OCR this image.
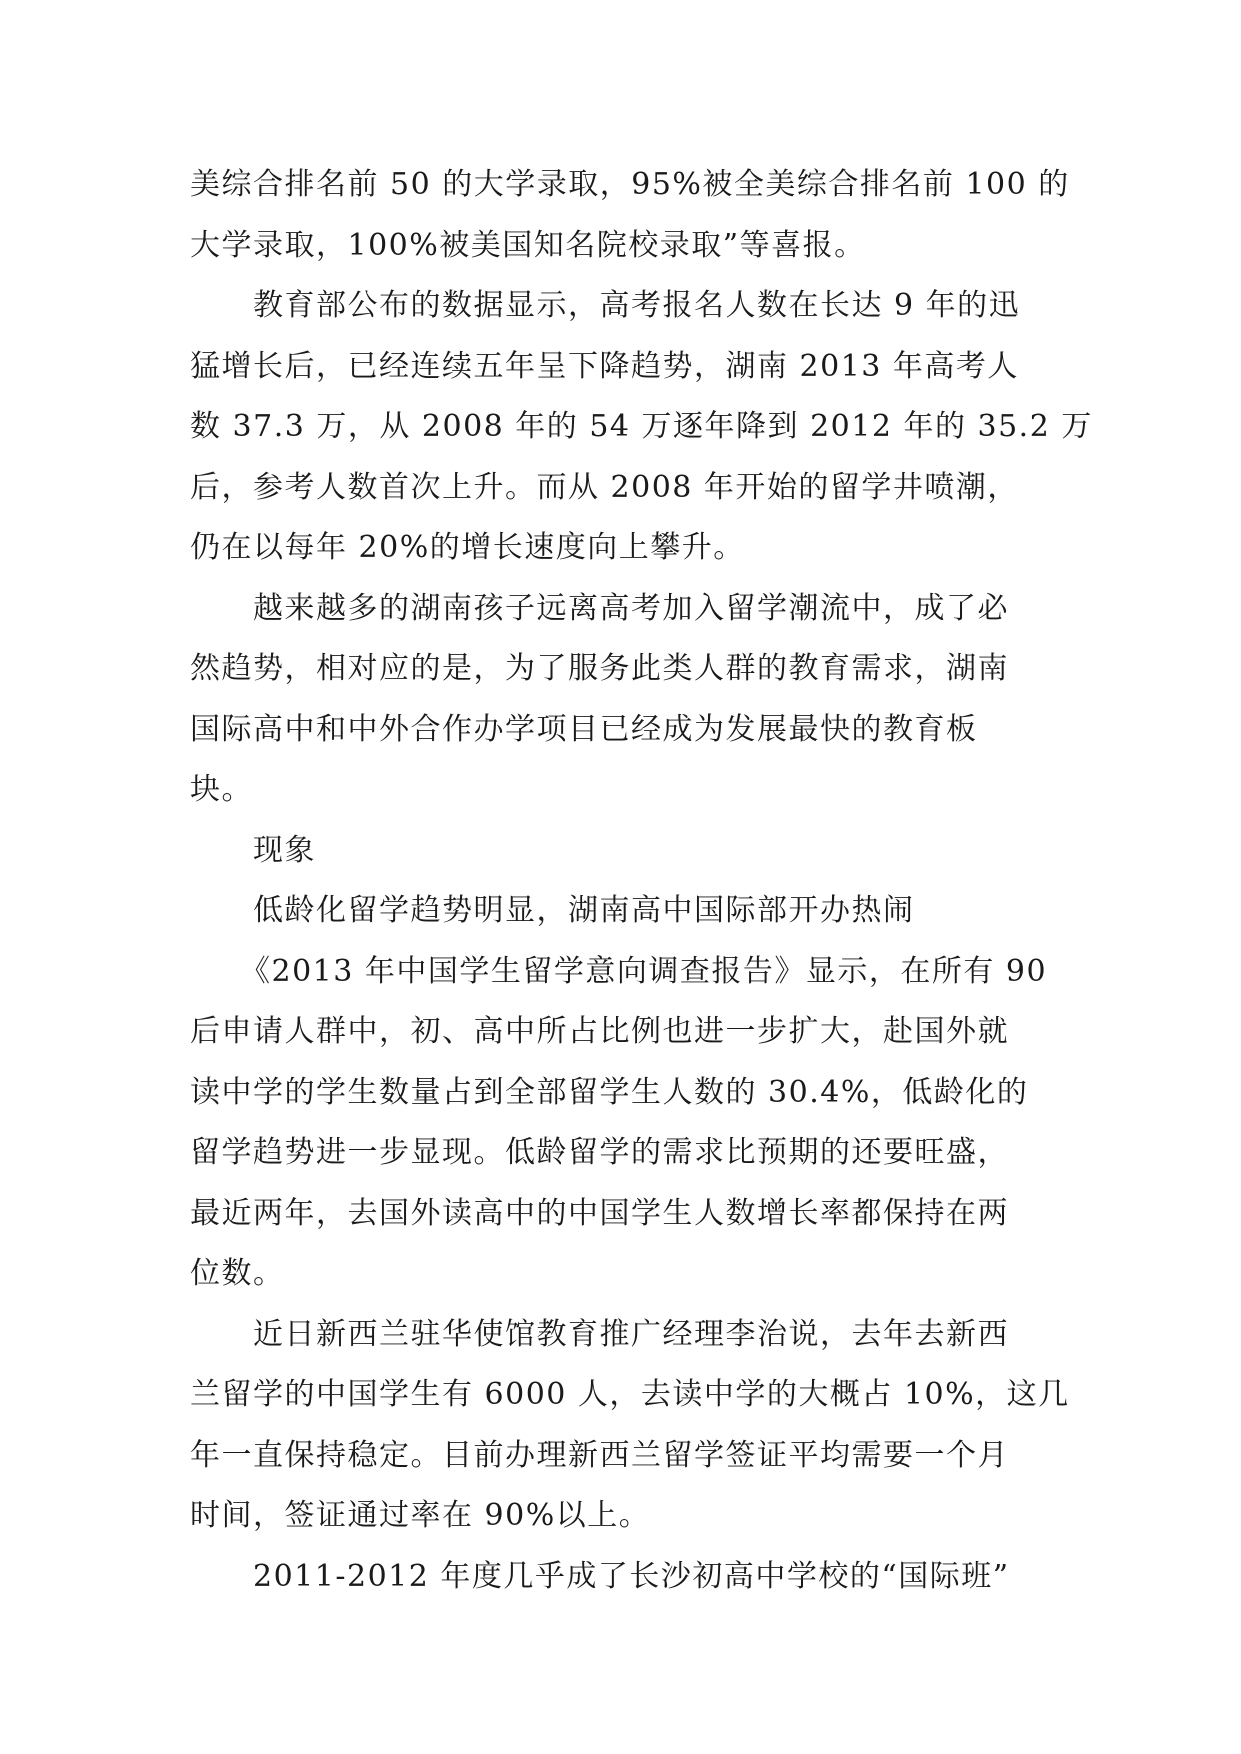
美综合排名前 50 的大学录取，95%被全美综合排名前 100 的
大学录取，100%被美国知名院校录取”等喜报。
教育部公布的数据显示，高考报名人数在长达 9 年的迅
猛增长后，已经连续五年呈下降趋势，湖南 2013 年高考人
数 37.3 万，从 2008 年的 54 万逐年降到 2012 年的 35.2 万
后，参考人数首次上升。而从 2008 年开始的留学井喷潮，
仍在以每年 20%的增长速度向上攀升。
越来越多的湖南孩子远离高考加入留学潮流中，成了必
然趋势，相对应的是，为了服务此类人群的教育需求，湖南
国际高中和中外合作办学项目已经成为发展最快的教育板
块。
现象
低龄化留学趋势明显，湖南高中国际部开办热闹
《2013 年中国学生留学意向调查报告》显示，在所有 90
后申请人群中，初、高中所占比例也进一步扩大，赴国外就
读中学的学生数量占到全部留学生人数的 30.4%，低龄化的
留学趋势进一步显现。低龄留学的需求比预期的还要旺盛，
最近两年，去国外读高中的中国学生人数增长率都保持在两
位数。
近日新西兰驻华使馆教育推广经理李治说，去年去新西
兰留学的中国学生有 6000 人，去读中学的大概占 10%，这几
年一直保持稳定。目前办理新西兰留学签证平均需要一个月
时间，签证通过率在 90%以上。
2011-2012 年度几乎成了长沙初高中学校的“国际班”
